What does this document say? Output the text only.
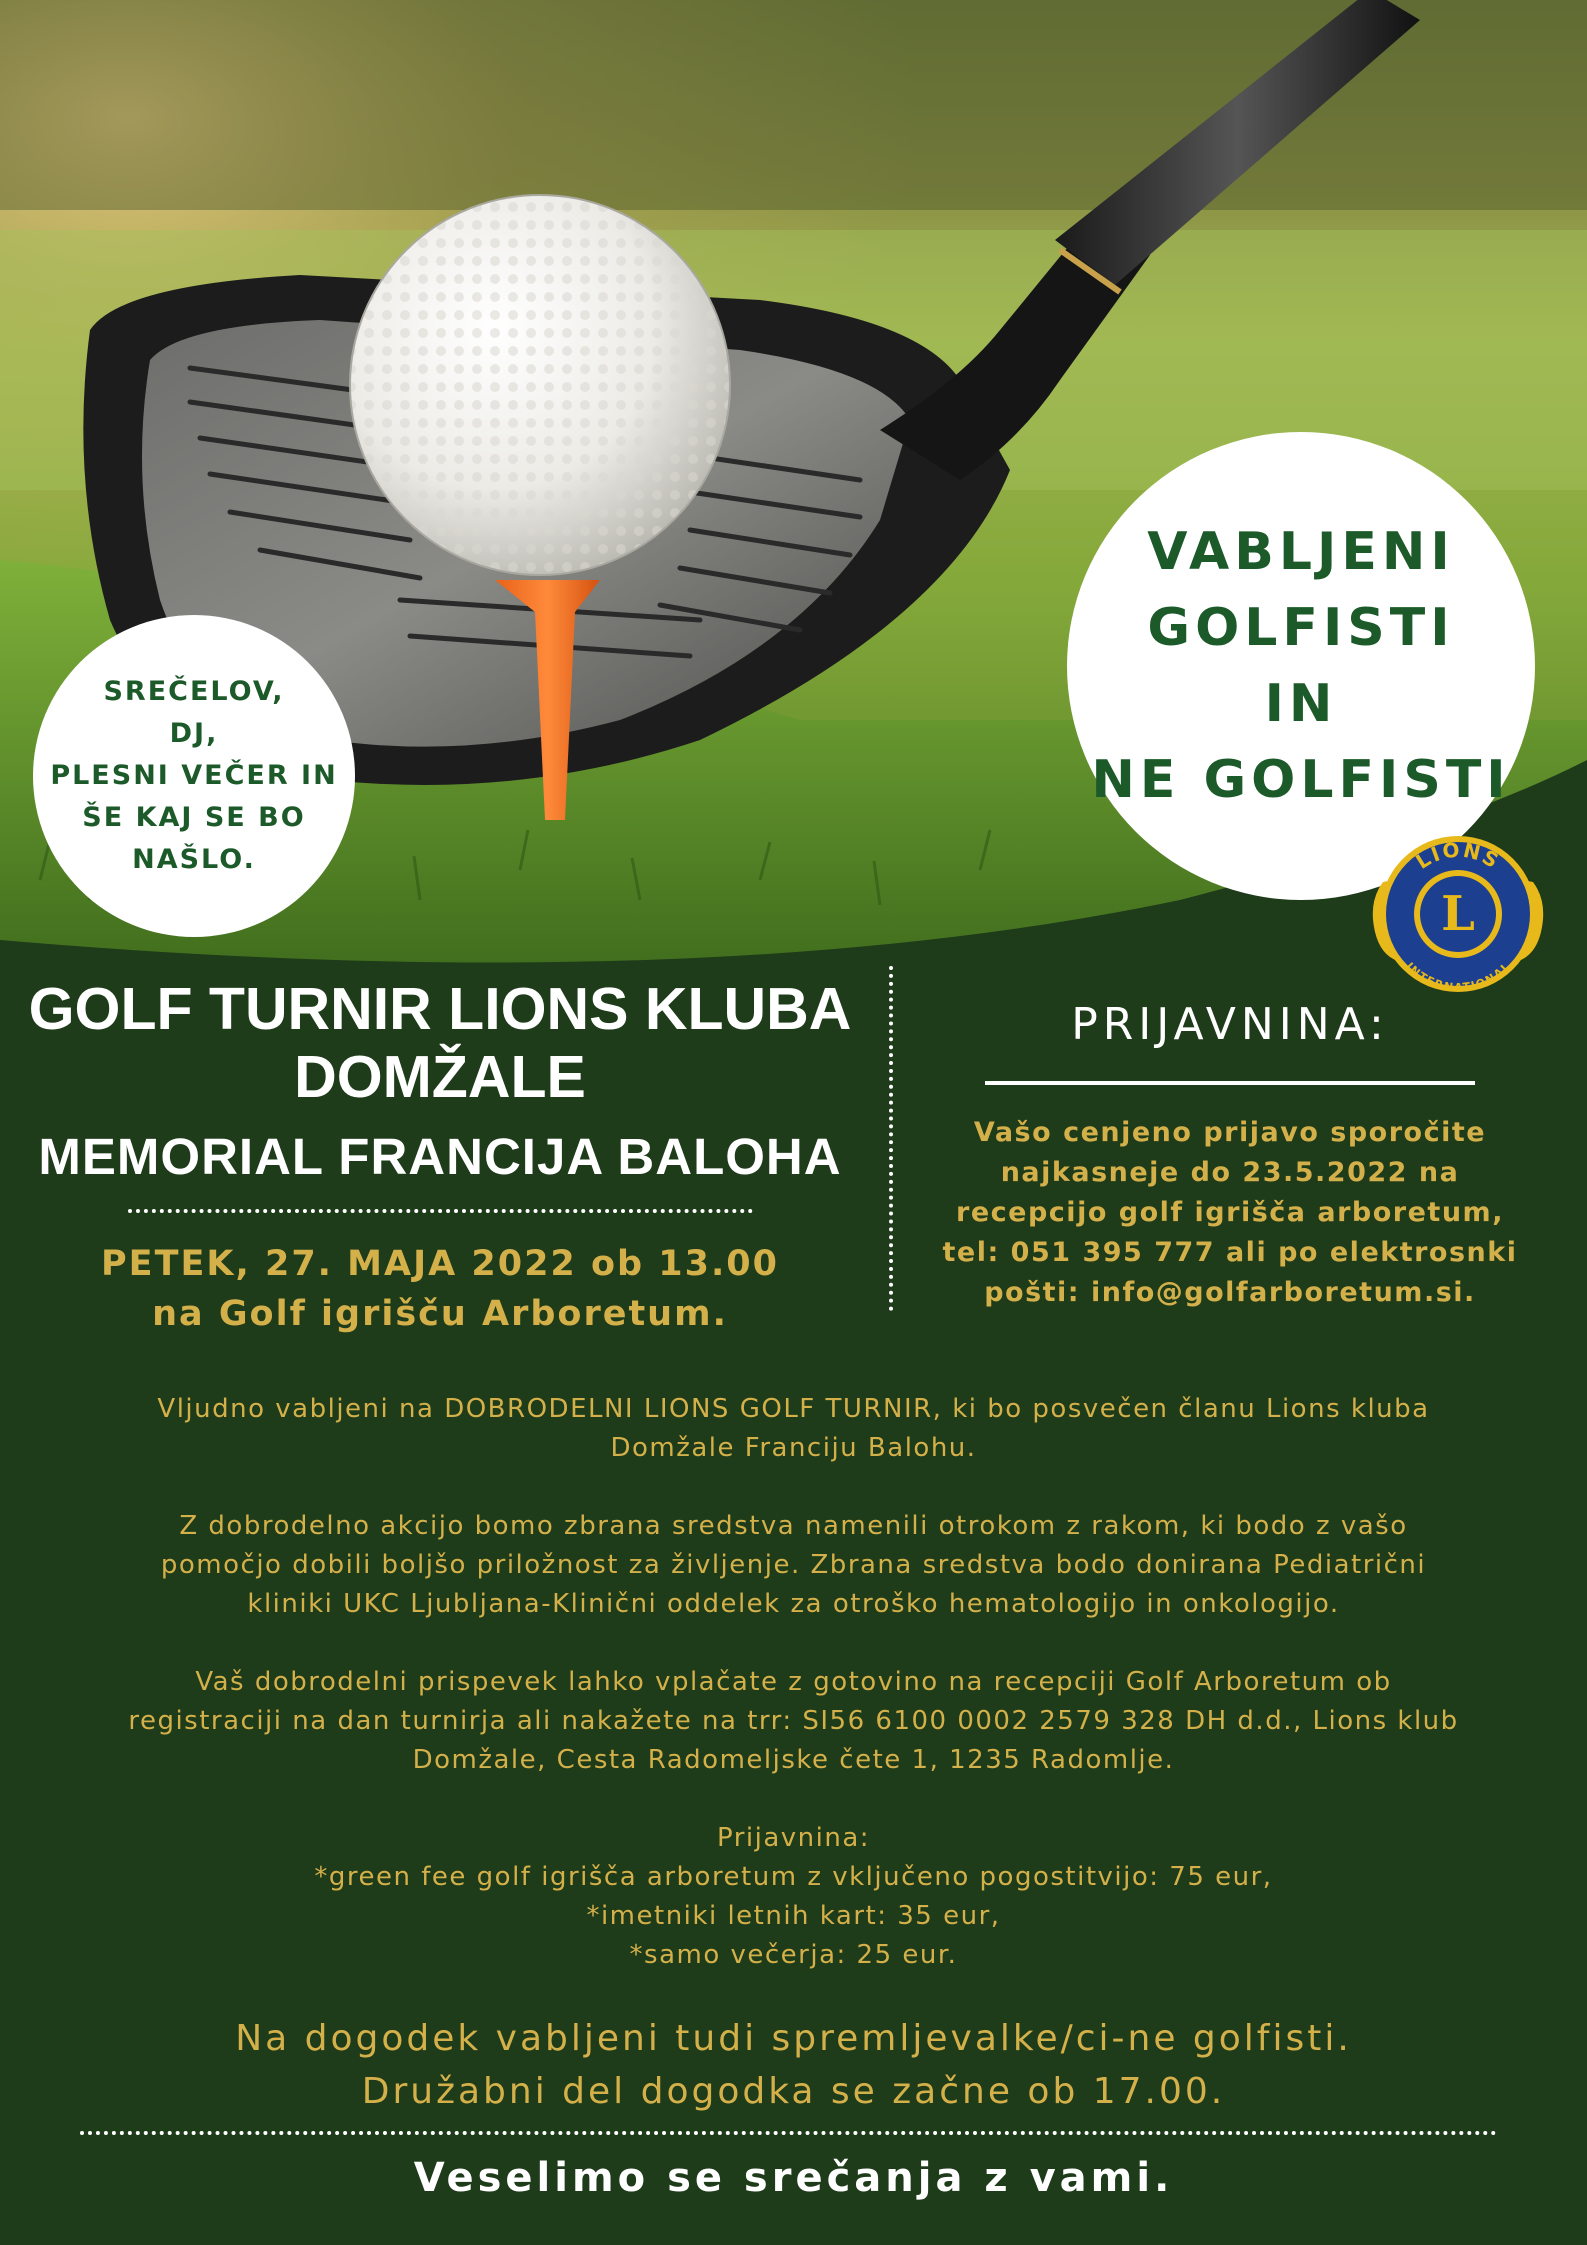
SREČELOV,
DJ,
PLESNI VEČER IN
ŠE KAJ SE BO
NAŠLO.
VABLJENI
GOLFISTI
IN
NE GOLFISTI
L
LIONS
INTERNATIONAL
GOLF TURNIR LIONS KLUBA
DOMŽALE
MEMORIAL FRANCIJA BALOHA

PETEK, 27. MAJA 2022 ob 13.00
na Golf igrišču Arboretum.

PRIJAVNINA:

Vašo cenjeno prijavo sporočite
najkasneje do 23.5.2022 na
recepcijo golf igrišča arboretum,
tel: 051 395 777 ali po elektrosnki
pošti: info@golfarboretum.si.

Vljudno vabljeni na DOBRODELNI LIONS GOLF TURNIR, ki bo posvečen članu Lions kluba
Domžale Franciju Balohu.

Z dobrodelno akcijo bomo zbrana sredstva namenili otrokom z rakom, ki bodo z vašo
pomočjo dobili boljšo priložnost za življenje. Zbrana sredstva bodo donirana Pediatrični
kliniki UKC Ljubljana-Klinični oddelek za otroško hematologijo in onkologijo.

Vaš dobrodelni prispevek lahko vplačate z gotovino na recepciji Golf Arboretum ob
registraciji na dan turnirja ali nakažete na trr: SI56 6100 0002 2579 328 DH d.d., Lions klub
Domžale, Cesta Radomeljske čete 1, 1235 Radomlje.

Prijavnina:
*green fee golf igrišča arboretum z vključeno pogostitvijo: 75 eur,
*imetniki letnih kart: 35 eur,
*samo večerja: 25 eur.

Na dogodek vabljeni tudi spremljevalke/ci-ne golfisti.
Družabni del dogodka se začne ob 17.00.
Veselimo se srečanja z vami.
